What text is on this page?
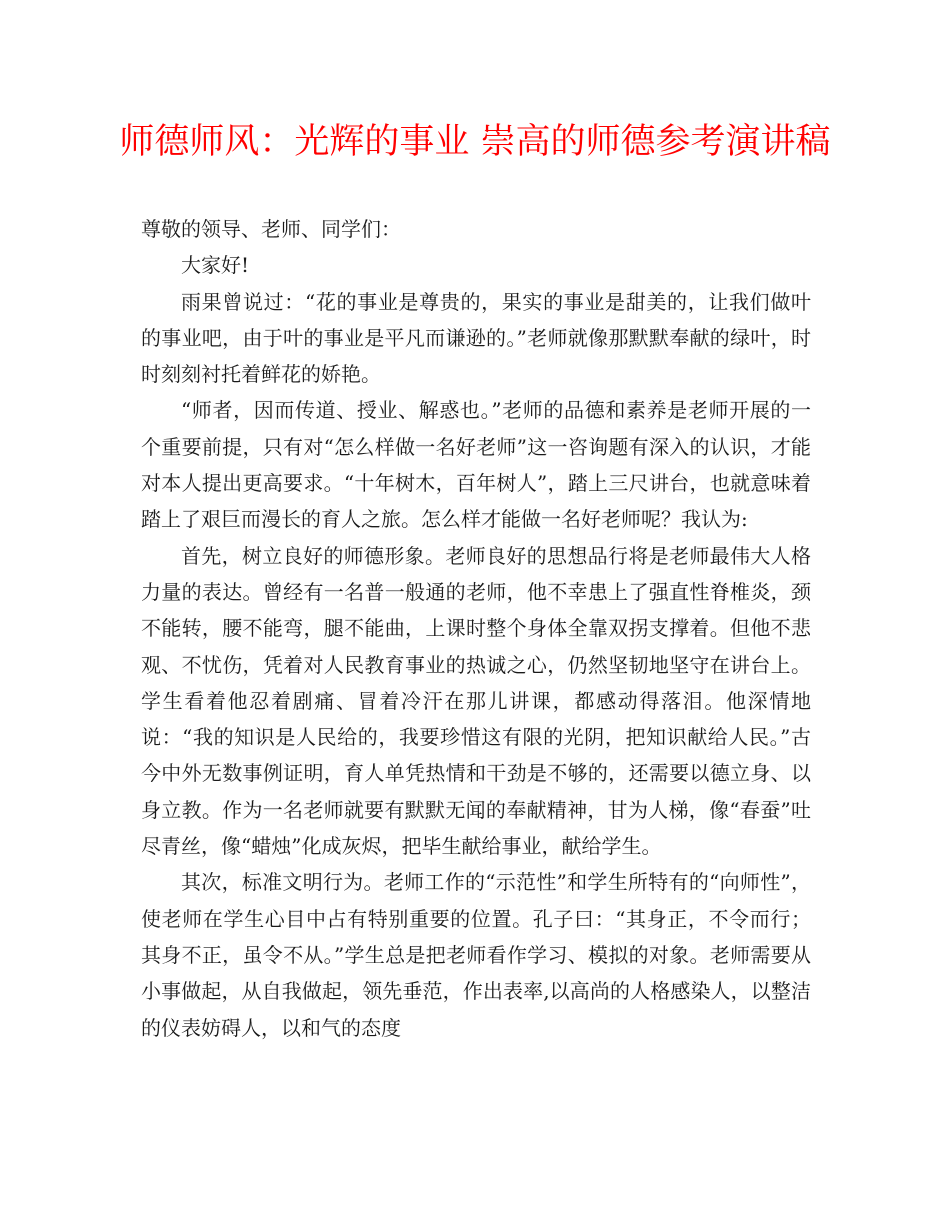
师德师风：光辉的事业 崇高的师德参考演讲稿

尊敬的领导、老师、同学们：

大家好!

雨果曾说过：“花的事业是尊贵的，果实的事业是甜美的，让我们做叶的事业吧，由于叶的事业是平凡而谦逊的。”老师就像那默默奉献的绿叶，时时刻刻衬托着鲜花的娇艳。

“师者，因而传道、授业、解惑也。”老师的品德和素养是老师开展的一个重要前提，只有对“怎么样做一名好老师”这一咨询题有深入的认识，才能对本人提出更高要求。“十年树木，百年树人”，踏上三尺讲台，也就意味着踏上了艰巨而漫长的育人之旅。怎么样才能做一名好老师呢？我认为:

首先，树立良好的师德形象。老师良好的思想品行将是老师最伟大人格力量的表达。曾经有一名普一般通的老师，他不幸患上了强直性脊椎炎，颈不能转，腰不能弯，腿不能曲，上课时整个身体全靠双拐支撑着。但他不悲观、不忧伤，凭着对人民教育事业的热诚之心，仍然坚韧地坚守在讲台上。学生看着他忍着剧痛、冒着冷汗在那儿讲课，都感动得落泪。他深情地说：“我的知识是人民给的，我要珍惜这有限的光阴，把知识献给人民。”古今中外无数事例证明，育人单凭热情和干劲是不够的，还需要以德立身、以身立教。作为一名老师就要有默默无闻的奉献精神，甘为人梯，像“春蚕”吐尽青丝，像“蜡烛”化成灰烬，把毕生献给事业，献给学生。

其次，标准文明行为。老师工作的“示范性”和学生所特有的“向师性”，使老师在学生心目中占有特别重要的位置。孔子曰：“其身正，不令而行；其身不正，虽令不从。”学生总是把老师看作学习、模拟的对象。老师需要从小事做起，从自我做起，领先垂范，作出表率,以高尚的人格感染人，以整洁的仪表妨碍人，以和气的态度
